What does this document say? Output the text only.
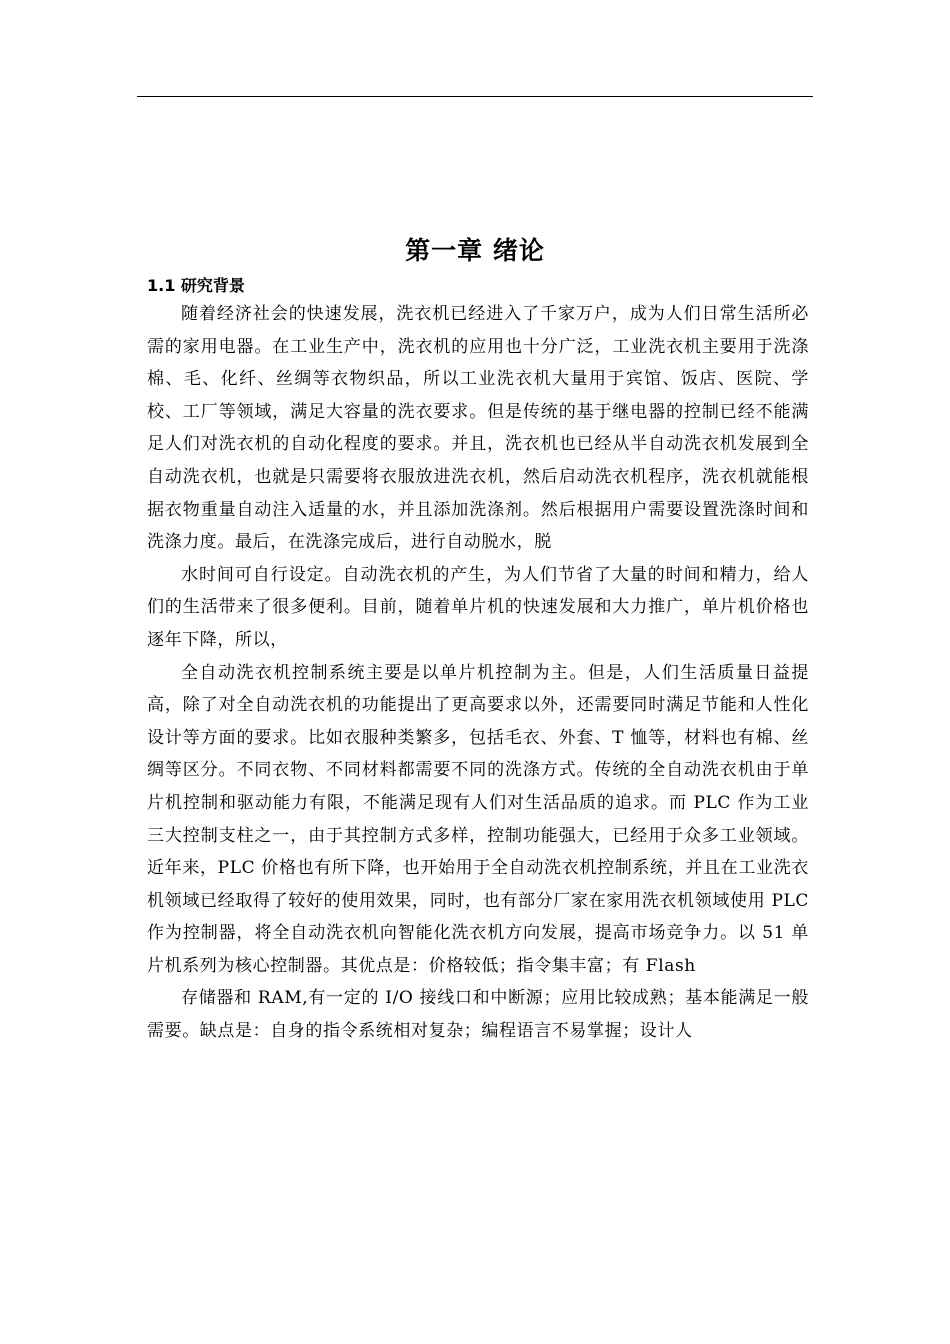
第一章 绪论
1.1 研究背景

随着经济社会的快速发展，洗衣机已经进入了千家万户，成为人们日常生活所必需的家用电器。在工业生产中，洗衣机的应用也十分广泛，工业洗衣机主要用于洗涤棉、毛、化纤、丝绸等衣物织品，所以工业洗衣机大量用于宾馆、饭店、医院、学校、工厂等领域，满足大容量的洗衣要求。但是传统的基于继电器的控制已经不能满足人们对洗衣机的自动化程度的要求。并且，洗衣机也已经从半自动洗衣机发展到全自动洗衣机，也就是只需要将衣服放进洗衣机，然后启动洗衣机程序，洗衣机就能根据衣物重量自动注入适量的水，并且添加洗涤剂。然后根据用户需要设置洗涤时间和洗涤力度。最后，在洗涤完成后，进行自动脱水，脱

水时间可自行设定。自动洗衣机的产生，为人们节省了大量的时间和精力，给人们的生活带来了很多便利。目前，随着单片机的快速发展和大力推广，单片机价格也逐年下降，所以，

全自动洗衣机控制系统主要是以单片机控制为主。但是，人们生活质量日益提高，除了对全自动洗衣机的功能提出了更高要求以外，还需要同时满足节能和人性化设计等方面的要求。比如衣服种类繁多，包括毛衣、外套、T 恤等，材料也有棉、丝绸等区分。不同衣物、不同材料都需要不同的洗涤方式。传统的全自动洗衣机由于单片机控制和驱动能力有限，不能满足现有人们对生活品质的追求。而 PLC 作为工业三大控制支柱之一，由于其控制方式多样，控制功能强大，已经用于众多工业领域。近年来，PLC 价格也有所下降，也开始用于全自动洗衣机控制系统，并且在工业洗衣机领域已经取得了较好的使用效果，同时，也有部分厂家在家用洗衣机领域使用 PLC 作为控制器，将全自动洗衣机向智能化洗衣机方向发展，提高市场竞争力。以 51 单片机系列为核心控制器。其优点是：价格较低；指令集丰富；有 Flash

存储器和 RAM,有一定的 I/O 接线口和中断源；应用比较成熟；基本能满足一般需要。缺点是：自身的指令系统相对复杂；编程语言不易掌握；设计人
